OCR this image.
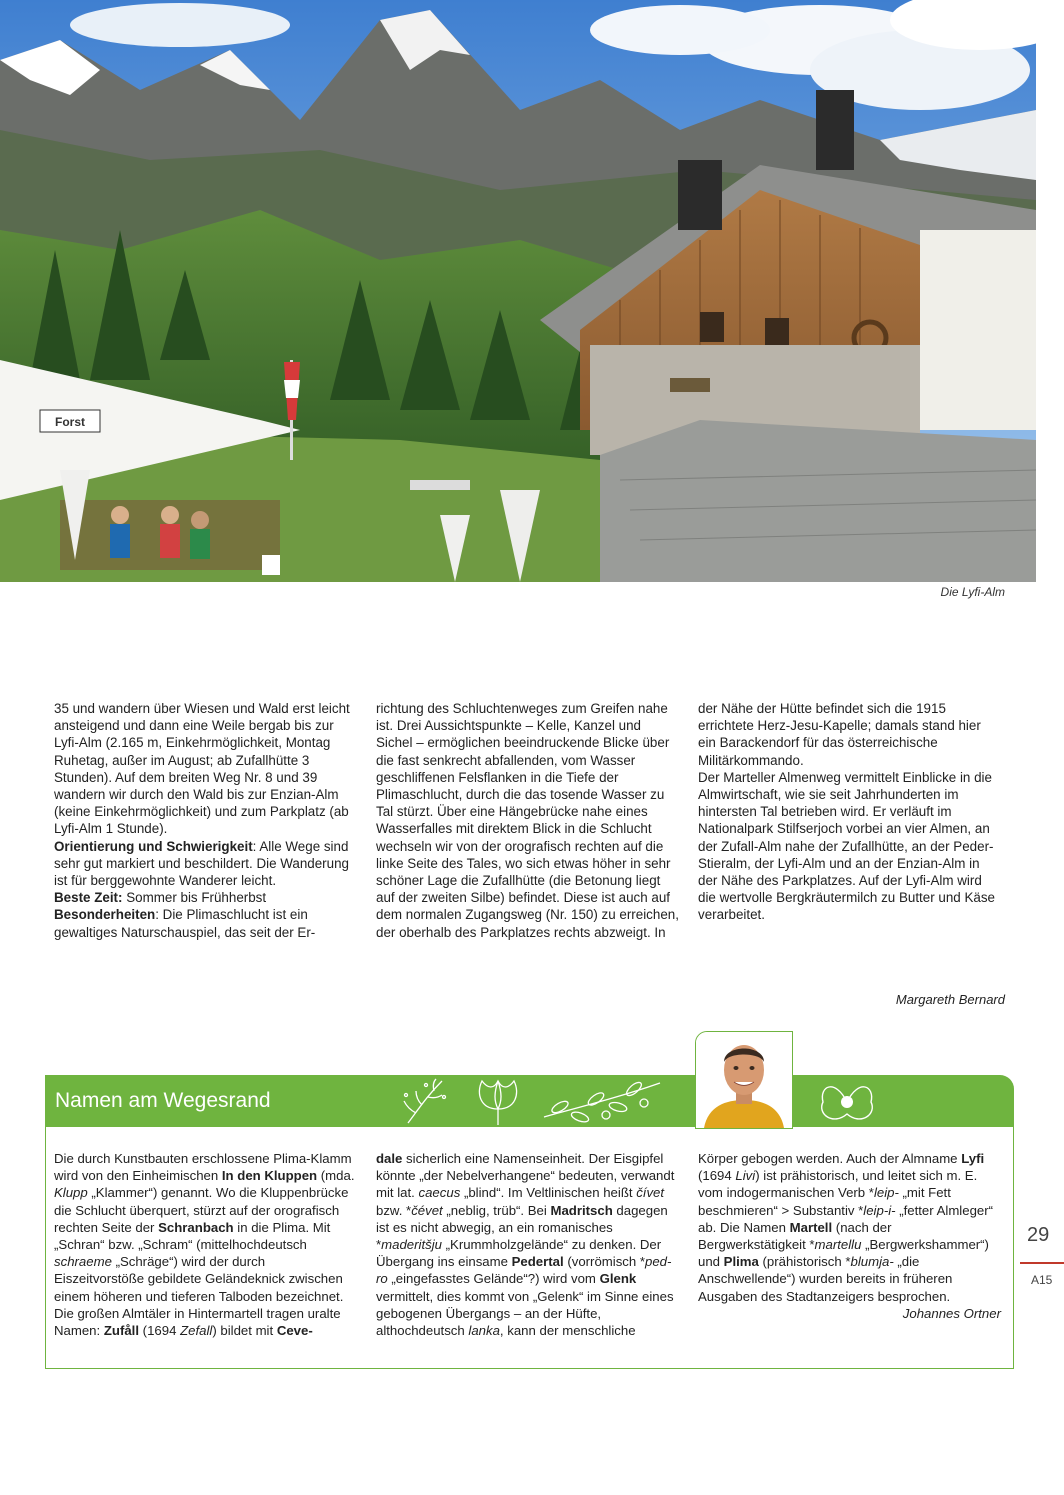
Forst
Die Lyfi-Alm

35 und wandern über Wiesen und Wald erst leicht ansteigend und dann eine Weile bergab bis zur Lyfi-Alm (2.165 m, Einkehrmöglichkeit, Montag Ruhetag, außer im August; ab Zufallhütte 3 Stunden). Auf dem breiten Weg Nr. 8 und 39 wandern wir durch den Wald bis zur Enzian-Alm (keine Einkehrmöglichkeit) und zum Parkplatz (ab Lyfi-Alm 1 Stunde).

Orientierung und Schwierigkeit: Alle Wege sind sehr gut markiert und beschildert. Die Wanderung ist für berggewohnte Wanderer leicht.

Beste Zeit: Sommer bis Frühherbst

Besonderheiten: Die Plimaschlucht ist ein gewaltiges Naturschauspiel, das seit der Er-

richtung des Schluchtenweges zum Greifen nahe ist. Drei Aussichtspunkte – Kelle, Kanzel und Sichel – ermöglichen beeindruckende Blicke über die fast senkrecht abfallenden, vom Wasser geschliffenen Felsflanken in die Tiefe der Plimaschlucht, durch die das tosende Wasser zu Tal stürzt. Über eine Hängebrücke nahe eines Wasserfalles mit direktem Blick in die Schlucht wechseln wir von der orografisch rechten auf die linke Seite des Tales, wo sich etwas höher in sehr schöner Lage die Zufallhütte (die Betonung liegt auf der zweiten Silbe) befindet. Diese ist auch auf dem normalen Zugangsweg (Nr. 150) zu erreichen, der oberhalb des Parkplatzes rechts abzweigt. In

der Nähe der Hütte befindet sich die 1915 errichtete Herz-Jesu-Kapelle; damals stand hier ein Barackendorf für das österreichische Militärkommando.

Der Marteller Almenweg vermittelt Einblicke in die Almwirtschaft, wie sie seit Jahrhunderten im hintersten Tal betrieben wird. Er verläuft im Nationalpark Stilfserjoch vorbei an vier Almen, an der Zufall-Alm nahe der Zufallhütte, an der Peder-Stieralm, der Lyfi-Alm und an der Enzian-Alm in der Nähe des Parkplatzes. Auf der Lyfi-Alm wird die wertvolle Bergkräutermilch zu Butter und Käse verarbeitet.

Margareth Bernard
Namen am Wegesrand

Die durch Kunstbauten erschlossene Plima-Klamm wird von den Einheimischen In den Kluppen (mda. Klupp „Klammer“) genannt. Wo die Kluppenbrücke die Schlucht überquert, stürzt auf der orografisch rechten Seite der Schranbach in die Plima. Mit „Schran“ bzw. „Schram“ (mittelhochdeutsch schraeme „Schräge“) wird der durch Eiszeitvorstöße gebildete Geländeknick zwischen einem höheren und tieferen Talboden bezeichnet. Die großen Almtäler in Hintermartell tragen uralte Namen: Zufåll (1694 Zefall) bildet mit Ceve-

dale sicherlich eine Namenseinheit. Der Eisgipfel könnte „der Nebelverhangene“ bedeuten, verwandt mit lat. caecus „blind“. Im Veltlinischen heißt čívet bzw. *čévet „neblig, trüb“. Bei Madritsch dagegen ist es nicht abwegig, an ein romanisches *maderitšju „Krummholzgelände“ zu denken. Der Übergang ins einsame Pedertal (vorrömisch *ped-ro „eingefasstes Gelände“?) wird vom Glenk vermittelt, dies kommt von „Gelenk“ im Sinne eines gebogenen Übergangs – an der Hüfte, althochdeutsch lanka, kann der menschliche

Körper gebogen werden. Auch der Almname Lyfi (1694 Livi) ist prähistorisch, und leitet sich m. E. vom indogermanischen Verb *leip- „mit Fett beschmieren“ > Substantiv *leip-i- „fetter Almleger“ ab. Die Namen Martell (nach der Bergwerkstätigkeit *martellu „Bergwerkshammer“) und Plima (prähistorisch *blumja- „die Anschwellende“) wurden bereits in früheren Ausgaben des Stadtanzeigers besprochen.

Johannes Ortner
29
A15
